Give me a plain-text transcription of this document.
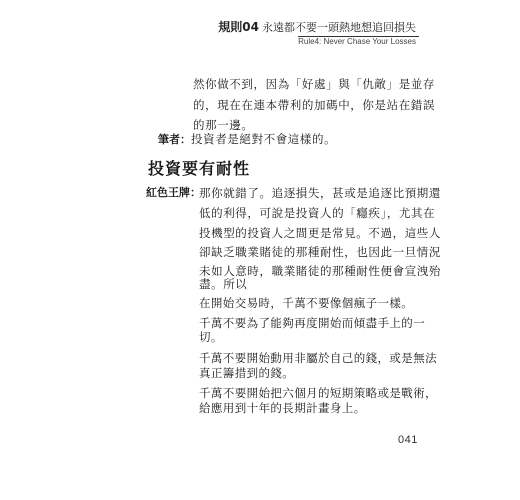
規則04 永遠都不要一頭熱地想追回損失
Rule4: Never Chase Your Losses
然你做不到，因為「好處」與「仇敵」是並存
的，現在在連本帶利的加碼中，你是站在錯誤
的那一邊。
筆者：投資者是絕對不會這樣的。
投資要有耐性
紅色王牌：
那你就錯了。追逐損失，甚或是追逐比預期還
低的利得，可說是投資人的「癮疾」，尤其在
投機型的投資人之間更是常見。不過，這些人
卻缺乏職業賭徒的那種耐性，也因此一旦情況
未如人意時，職業賭徒的那種耐性便會宣洩殆
盡。所以
在開始交易時，千萬不要像個瘋子一樣。
千萬不要為了能夠再度開始而傾盡手上的一
切。
千萬不要開始動用非屬於自己的錢，或是無法
真正籌措到的錢。
千萬不要開始把六個月的短期策略或是戰術，
給應用到十年的長期計畫身上。
041
